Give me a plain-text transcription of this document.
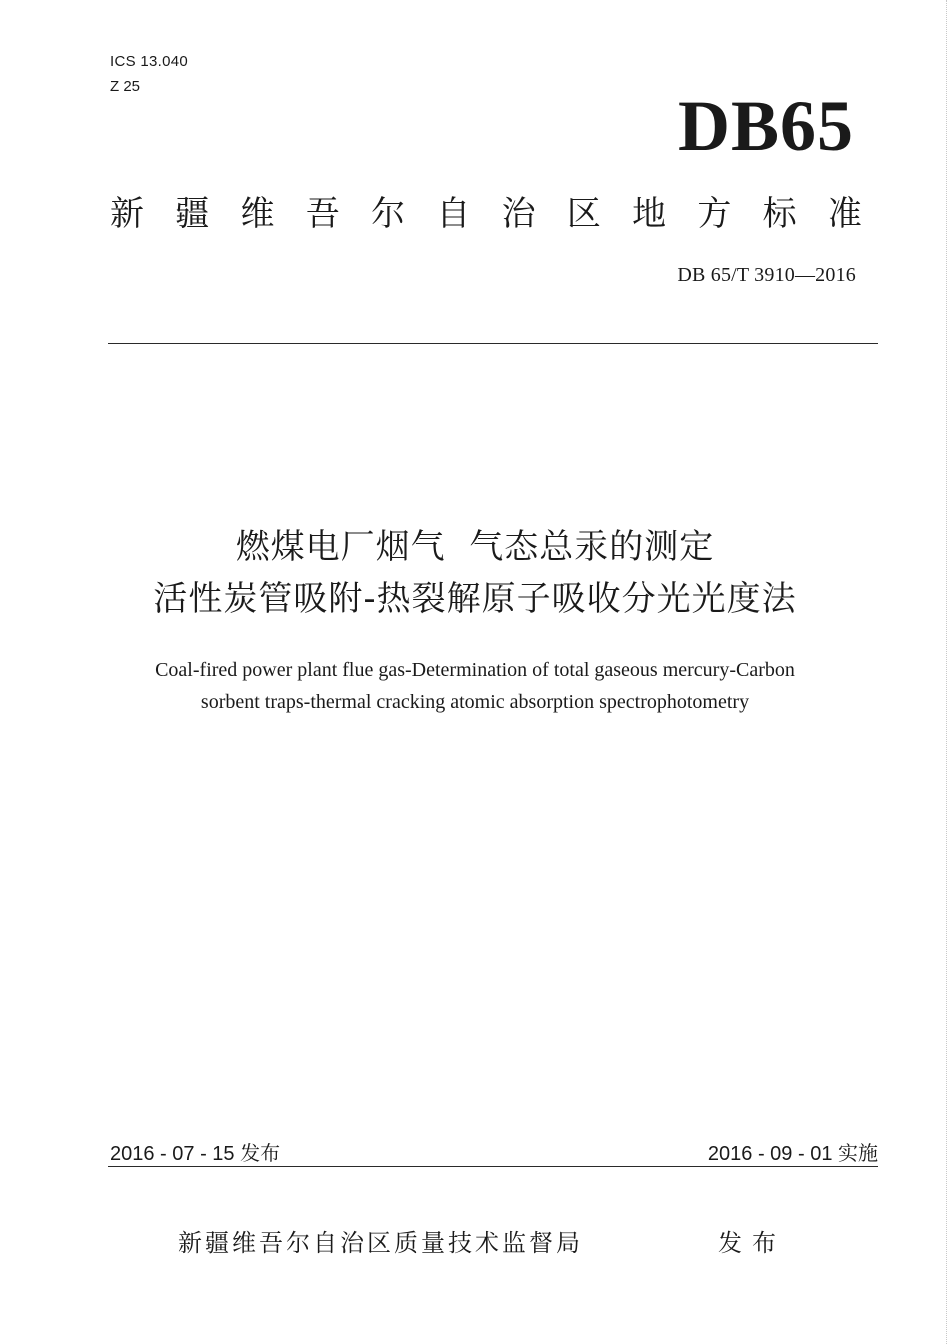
ICS 13.040
Z 25	DB65
新 疆 维 吾 尔 自 治 区 地 方 标 准
DB 65/T 3910—2016
燃煤电厂烟气  气态总汞的测定
活性炭管吸附-热裂解原子吸收分光光度法
Coal-fired power plant flue gas-Determination of total gaseous mercury-Carbon
sorbent traps-thermal cracking atomic absorption spectrophotometry
2016 - 07 - 15 发布	2016 - 09 - 01 实施
新疆维吾尔自治区质量技术监督局	发布
